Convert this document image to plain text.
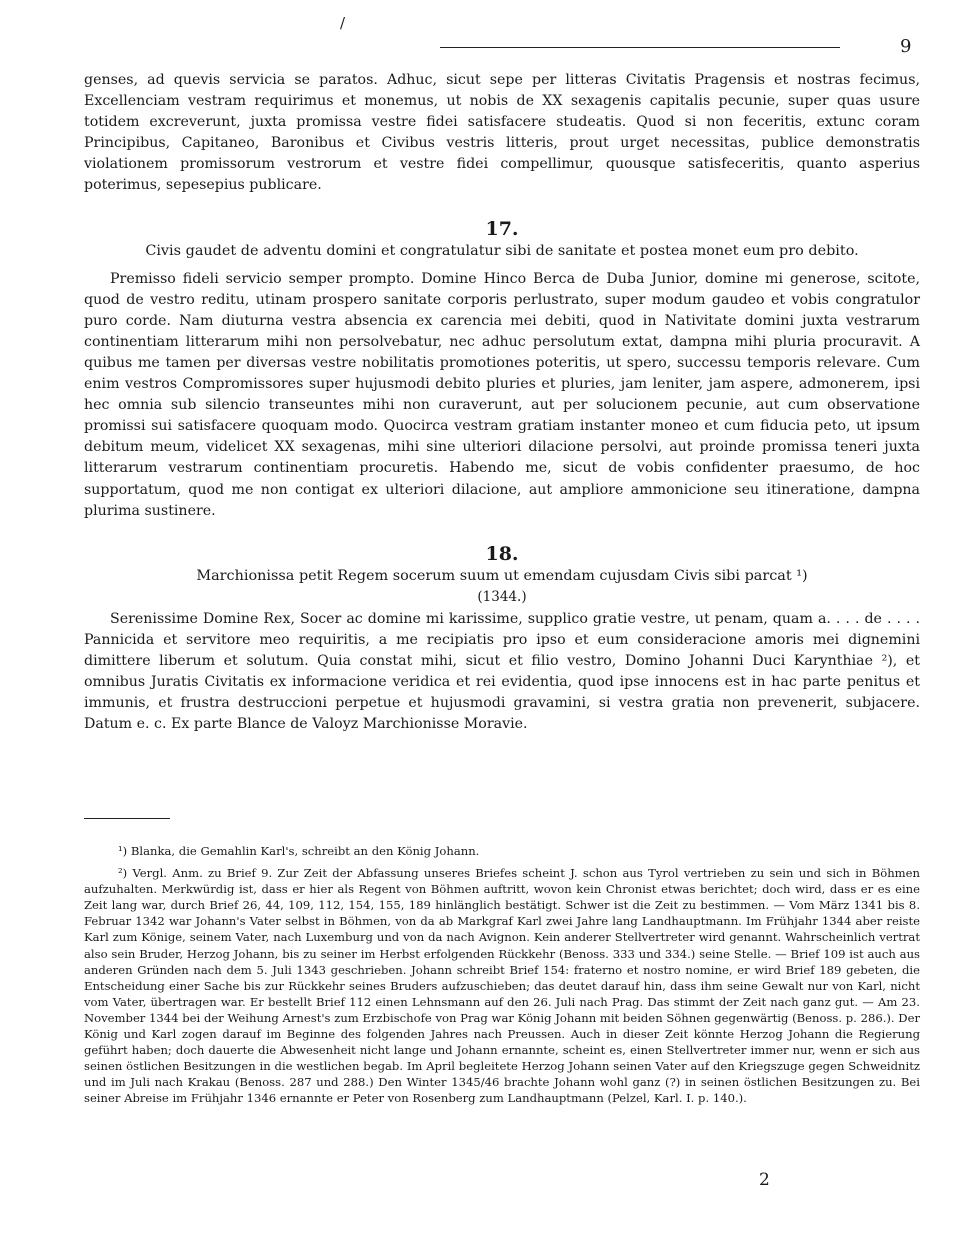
/
9

genses, ad quevis servicia se paratos. Adhuc, sicut sepe per litteras Civitatis Pragensis et nostras fecimus, Excellenciam vestram requirimus et monemus, ut nobis de XX sexagenis capitalis pecunie, super quas usure totidem excreverunt, juxta promissa vestre fidei satisfacere studeatis. Quod si non feceritis, extunc coram Principibus, Capitaneo, Baronibus et Civibus vestris litteris, prout urget necessitas, publice demonstratis violationem promissorum vestrorum et vestre fidei compellimur, quousque satisfeceritis, quanto asperius poterimus, sepesepius publicare.

17.

Civis gaudet de adventu domini et congratulatur sibi de sanitate et postea monet eum pro debito.

Premisso fideli servicio semper prompto. Domine Hinco Berca de Duba Junior, domine mi generose, scitote, quod de vestro reditu, utinam prospero sanitate corporis perlustrato, super modum gaudeo et vobis congratulor puro corde. Nam diuturna vestra absencia ex carencia mei debiti, quod in Nativitate domini juxta vestrarum continentiam litterarum mihi non persolvebatur, nec adhuc persolutum extat, dampna mihi pluria procuravit. A quibus me tamen per diversas vestre nobilitatis promotiones poteritis, ut spero, successu temporis relevare. Cum enim vestros Compromissores super hujusmodi debito pluries et pluries, jam leniter, jam aspere, admonerem, ipsi hec omnia sub silencio transeuntes mihi non curaverunt, aut per solucionem pecunie, aut cum observatione promissi sui satisfacere quoquam modo. Quocirca vestram gratiam instanter moneo et cum fiducia peto, ut ipsum debitum meum, videlicet XX sexagenas, mihi sine ulteriori dilacione persolvi, aut proinde promissa teneri juxta litterarum vestrarum continentiam procuretis. Habendo me, sicut de vobis confidenter praesumo, de hoc supportatum, quod me non contigat ex ulteriori dilacione, aut ampliore ammonicione seu itineratione, dampna plurima sustinere.

18.

Marchionissa petit Regem socerum suum ut emendam cujusdam Civis sibi parcat ¹)

(1344.)

Serenissime Domine Rex, Socer ac domine mi karissime, supplico gratie vestre, ut penam, quam a. . . . de . . . . Pannicida et servitore meo requiritis, a me recipiatis pro ipso et eum consideracione amoris mei dignemini dimittere liberum et solutum. Quia constat mihi, sicut et filio vestro, Domino Johanni Duci Karynthiae ²), et omnibus Juratis Civitatis ex informacione veridica et rei evidentia, quod ipse innocens est in hac parte penitus et immunis, et frustra destruccioni perpetue et hujusmodi gravamini, si vestra gratia non prevenerit, subjacere. Datum e. c. Ex parte Blance de Valoyz Marchionisse Moravie.

¹) Blanka, die Gemahlin Karl's, schreibt an den König Johann.

²) Vergl. Anm. zu Brief 9. Zur Zeit der Abfassung unseres Briefes scheint J. schon aus Tyrol vertrieben zu sein und sich in Böhmen aufzuhalten. Merkwürdig ist, dass er hier als Regent von Böhmen auftritt, wovon kein Chronist etwas berichtet; doch wird, dass er es eine Zeit lang war, durch Brief 26, 44, 109, 112, 154, 155, 189 hinlänglich bestätigt. Schwer ist die Zeit zu bestimmen. — Vom März 1341 bis 8. Februar 1342 war Johann's Vater selbst in Böhmen, von da ab Markgraf Karl zwei Jahre lang Landhauptmann. Im Frühjahr 1344 aber reiste Karl zum Könige, seinem Vater, nach Luxemburg und von da nach Avignon. Kein anderer Stellvertreter wird genannt. Wahrscheinlich vertrat also sein Bruder, Herzog Johann, bis zu seiner im Herbst erfolgenden Rückkehr (Benoss. 333 und 334.) seine Stelle. — Brief 109 ist auch aus anderen Gründen nach dem 5. Juli 1343 geschrieben. Johann schreibt Brief 154: fraterno et nostro nomine, er wird Brief 189 gebeten, die Entscheidung einer Sache bis zur Rückkehr seines Bruders aufzuschieben; das deutet darauf hin, dass ihm seine Gewalt nur von Karl, nicht vom Vater, übertragen war. Er bestellt Brief 112 einen Lehnsmann auf den 26. Juli nach Prag. Das stimmt der Zeit nach ganz gut. — Am 23. November 1344 bei der Weihung Arnest's zum Erzbischofe von Prag war König Johann mit beiden Söhnen gegenwärtig (Benoss. p. 286.). Der König und Karl zogen darauf im Beginne des folgenden Jahres nach Preussen. Auch in dieser Zeit könnte Herzog Johann die Regierung geführt haben; doch dauerte die Abwesenheit nicht lange und Johann ernannte, scheint es, einen Stellvertreter immer nur, wenn er sich aus seinen östlichen Besitzungen in die westlichen begab. Im April begleitete Herzog Johann seinen Vater auf den Kriegszuge gegen Schweidnitz und im Juli nach Krakau (Benoss. 287 und 288.) Den Winter 1345/46 brachte Johann wohl ganz (?) in seinen östlichen Besitzungen zu. Bei seiner Abreise im Frühjahr 1346 ernannte er Peter von Rosenberg zum Landhauptmann (Pelzel, Karl. I. p. 140.).

2
